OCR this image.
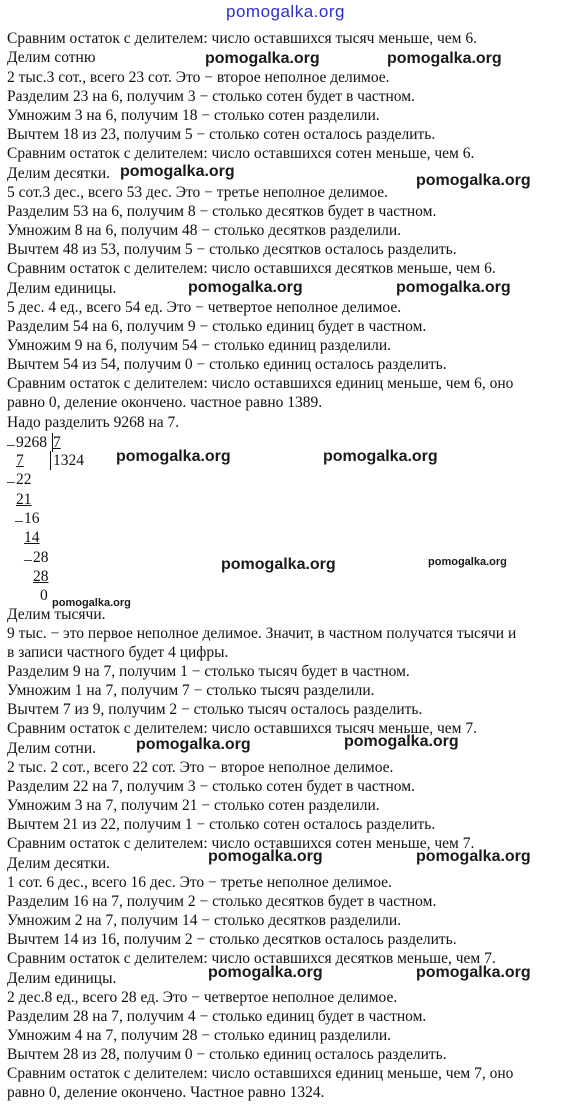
pomogalka.org
Сравним остаток с делителем: число оставшихся тысяч меньше, чем 6.
Делим сотню
2 тыс.3 сот., всего 23 сот. Это − второе неполное делимое.
Разделим 23 на 6, получим 3 − столько сотен будет в частном.
Умножим 3 на 6, получим 18 − столько сотен разделили.
Вычтем 18 из 23, получим 5 − столько сотен осталось разделить.
Сравним остаток с делителем: число оставшихся сотен меньше, чем 6.
Делим десятки.
5 сот.3 дес., всего 53 дес. Это − третье неполное делимое.
Разделим 53 на 6, получим 8 − столько десятков будет в частном.
Умножим 8 на 6, получим 48 − столько десятков разделили.
Вычтем 48 из 53, получим 5 − столько десятков осталось разделить.
Сравним остаток с делителем: число оставшихся десятков меньше, чем 6.
Делим единицы.
5 дес. 4 ед., всего 54 ед. Это − четвертое неполное делимое.
Разделим 54 на 6, получим 9 − столько единиц будет в частном.
Умножим 9 на 6, получим 54 − столько единиц разделили.
Вычтем 54 из 54, получим 0 − столько единиц осталось разделить.
Сравним остаток с делителем: число оставшихся единиц меньше, чем 6, оно
равно 0, деление окончено. частное равно 1389.
Надо разделить 9268 на 7.
_ 9268 7
1324
7
_ 22
21
_ 16
14
_ 28
28
0
Делим тысячи.
9 тыс. − это первое неполное делимое. Значит, в частном получатся тысячи и
в записи частного будет 4 цифры.
Разделим 9 на 7, получим 1 − столько тысяч будет в частном.
Умножим 1 на 7, получим 7 − столько тысяч разделили.
Вычтем 7 из 9, получим 2 − столько тысяч осталось разделить.
Сравним остаток с делителем: число оставшихся тысяч меньше, чем 7.
Делим сотни.
2 тыс. 2 сот., всего 22 сот. Это − второе неполное делимое.
Разделим 22 на 7, получим 3 − столько сотен будет в частном.
Умножим 3 на 7, получим 21 − столько сотен разделили.
Вычтем 21 из 22, получим 1 − столько сотен осталось разделить.
Сравним остаток с делителем: число оставшихся сотен меньше, чем 7.
Делим десятки.
1 сот. 6 дес., всего 16 дес. Это − третье неполное делимое.
Разделим 16 на 7, получим 2 − столько десятков будет в частном.
Умножим 2 на 7, получим 14 − столько десятков разделили.
Вычтем 14 из 16, получим 2 − столько десятков осталось разделить.
Сравним остаток с делителем: число оставшихся десятков меньше, чем 7.
Делим единицы.
2 дес.8 ед., всего 28 ед. Это − четвертое неполное делимое.
Разделим 28 на 7, получим 4 − столько единиц будет в частном.
Умножим 4 на 7, получим 28 − столько единиц разделили.
Вычтем 28 из 28, получим 0 − столько единиц осталось разделить.
Сравним остаток с делителем: число оставшихся единиц меньше, чем 7, оно
равно 0, деление окончено. Частное равно 1324.
pomogalka.org	pomogalka.org
pomogalka.org
pomogalka.org
pomogalka.org	pomogalka.org
pomogalka.org	pomogalka.org
pomogalka.org	pomogalka.org
pomogalka.org
pomogalka.org	pomogalka.org
pomogalka.org	pomogalka.org
pomogalka.org	pomogalka.org
